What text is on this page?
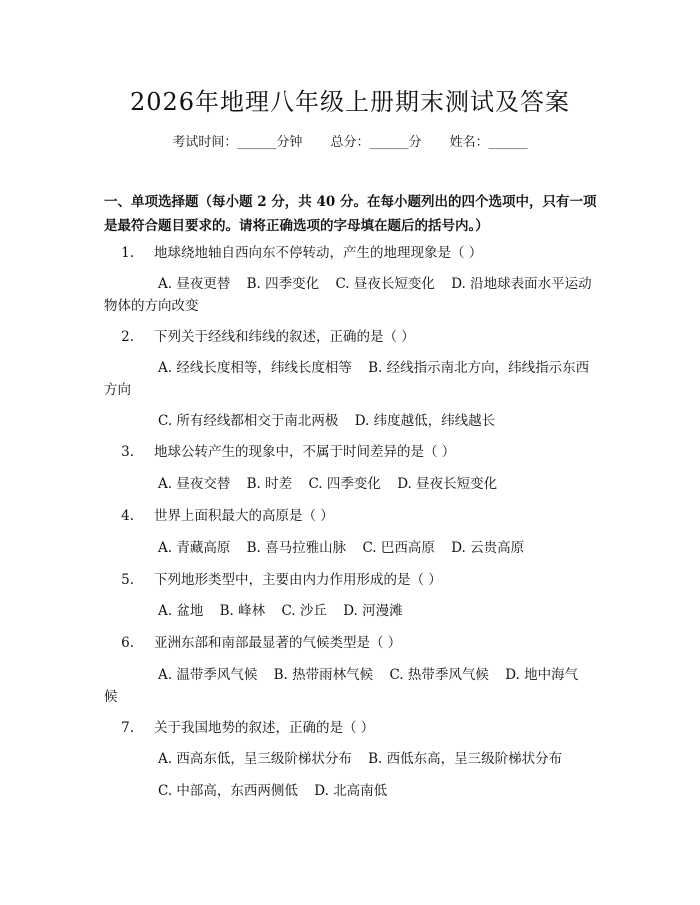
2026年地理八年级上册期末测试及答案
考试时间：______分钟 总分：______分 姓名：______
一、单项选择题（每小题 2 分，共 40 分。在每小题列出的四个选项中，只有一项是最符合题目要求的。请将正确选项的字母填在题后的括号内。）
1. 地球绕地轴自西向东不停转动，产生的地理现象是（ ）
A. 昼夜更替 B. 四季变化 C. 昼夜长短变化 D. 沿地球表面水平运动物体的方向改变
2. 下列关于经线和纬线的叙述，正确的是（ ）
A. 经线长度相等，纬线长度相等 B. 经线指示南北方向，纬线指示东西方向
C. 所有经线都相交于南北两极 D. 纬度越低，纬线越长
3. 地球公转产生的现象中，不属于时间差异的是（ ）
A. 昼夜交替 B. 时差 C. 四季变化 D. 昼夜长短变化
4. 世界上面积最大的高原是（ ）
A. 青藏高原 B. 喜马拉雅山脉 C. 巴西高原 D. 云贵高原
5. 下列地形类型中，主要由内力作用形成的是（ ）
A. 盆地 B. 峰林 C. 沙丘 D. 河漫滩
6. 亚洲东部和南部最显著的气候类型是（ ）
A. 温带季风气候 B. 热带雨林气候 C. 热带季风气候 D. 地中海气候
7. 关于我国地势的叙述，正确的是（ ）
A. 西高东低，呈三级阶梯状分布 B. 西低东高，呈三级阶梯状分布
C. 中部高，东西两侧低 D. 北高南低
